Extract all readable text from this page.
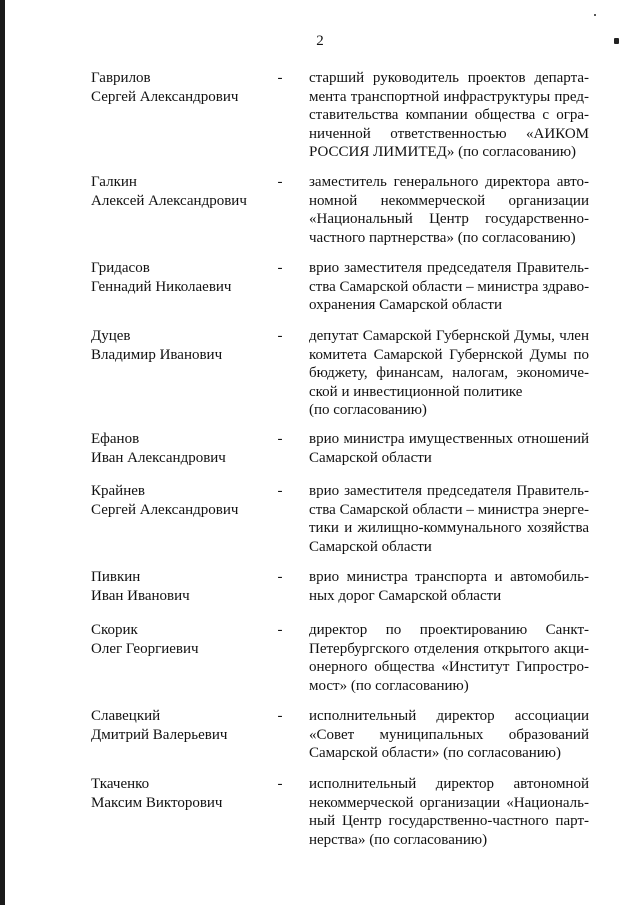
2
Гаврилов
Сергей Александрович
- старший руководитель проектов департа-
мента транспортной инфраструктуры пред-
ставительства компании общества с огра-
ниченной ответственностью «АИКОМ
РОССИЯ ЛИМИТЕД» (по согласованию)
Галкин
Алексей Александрович
- заместитель генерального директора авто-
номной некоммерческой организации
«Национальный Центр государственно-
частного партнерства» (по согласованию)
Гридасов
Геннадий Николаевич
- врио заместителя председателя Правитель-
ства Самарской области – министра здраво-
охранения Самарской области
Дуцев
Владимир Иванович
- депутат Самарской Губернской Думы, член
комитета Самарской Губернской Думы по
бюджету, финансам, налогам, экономиче-
ской и инвестиционной политике
(по согласованию)
Ефанов
Иван Александрович
- врио министра имущественных отношений
Самарской области
Крайнев
Сергей Александрович
- врио заместителя председателя Правитель-
ства Самарской области – министра энерге-
тики и жилищно-коммунального хозяйства
Самарской области
Пивкин
Иван Иванович
- врио министра транспорта и автомобиль-
ных дорог Самарской области
Скорик
Олег Георгиевич
- директор по проектированию Санкт-
Петербургского отделения открытого акци-
онерного общества «Институт Гипростро-
мост» (по согласованию)
Славецкий
Дмитрий Валерьевич
- исполнительный директор ассоциации
«Совет муниципальных образований
Самарской области» (по согласованию)
Ткаченко
Максим Викторович
- исполнительный директор автономной
некоммерческой организации «Националь-
ный Центр государственно-частного парт-
нерства» (по согласованию)
